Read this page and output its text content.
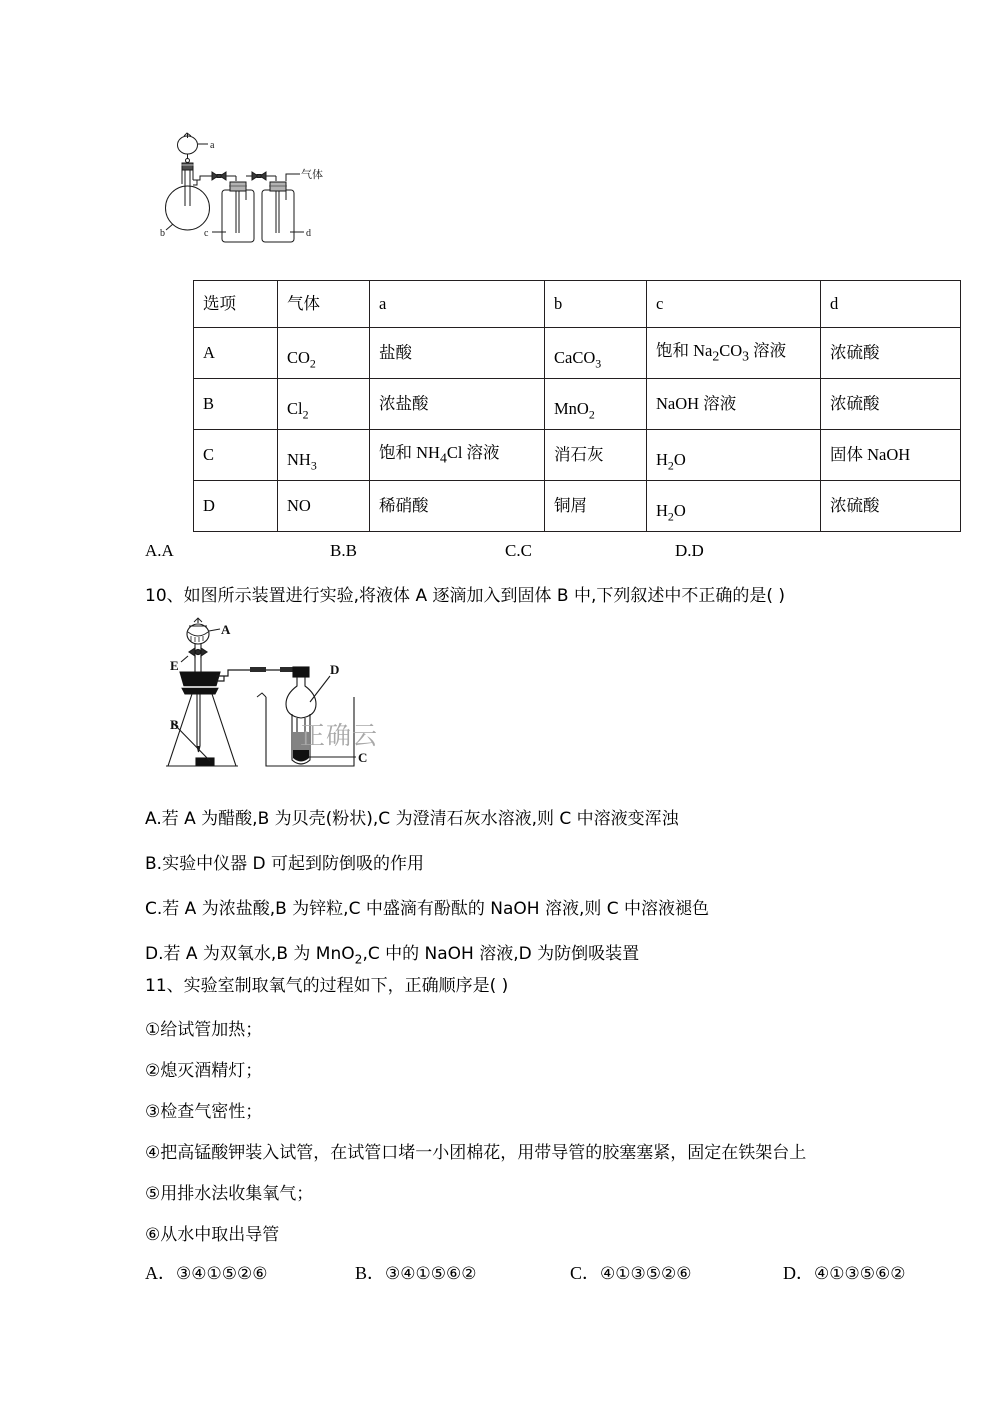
a
b	c	d
气体
选项	气体	a	b	c	d
A	$CO_2$	盐酸	CaCO$_3$	饱和 $Na_2CO_3$ 溶液	浓硫酸
B	$Cl_2$	浓盐酸	MnO$_2$	NaOH 溶液	浓硫酸
C	$NH_3$	饱和 $NH_4Cl$ 溶液	消石灰	$H_2O$	固体 NaOH
D	NO	稀硝酸	铜屑	$H_2O$	浓硫酸
A.A	B.B	C.C	D.D
10、如图所示装置进行实验,将液体 A 逐滴加入到固体 B 中,下列叙述中不正确的是( )
A
B
C
D
E
正确云
A.若 A 为醋酸,B 为贝壳(粉状),C 为澄清石灰水溶液,则 C 中溶液变浑浊
B.实验中仪器 D 可起到防倒吸的作用
C.若 A 为浓盐酸,B 为锌粒,C 中盛滴有酚酞的 NaOH 溶液,则 C 中溶液褪色
D.若 A 为双氧水,B 为 MnO$_2$,C 中的 NaOH 溶液,D 为防倒吸装置
11、实验室制取氧气的过程如下，正确顺序是( )
①给试管加热；
②熄灭酒精灯；
③检查气密性；
④把高锰酸钾装入试管，在试管口堵一小团棉花，用带导管的胶塞塞紧，固定在铁架台上
⑤用排水法收集氧气；
⑥从水中取出导管
A．③④①⑤②⑥	B．③④①⑤⑥②	C．④①③⑤②⑥	D．④①③⑤⑥②
